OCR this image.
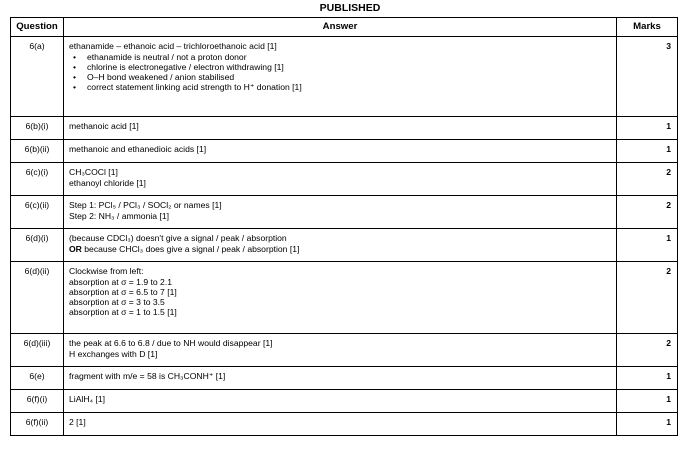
PUBLISHED
Question	Answer	Marks
6(a)	ethanamide – ethanoic acid – trichloroethanoic acid [1]
• ethanamide is neutral / not a proton donor
• chlorine is electronegative / electron withdrawing [1]
• O–H bond weakened / anion stabilised
• correct statement linking acid strength to H⁺ donation [1]	3
6(b)(i)	methanoic acid [1]	1
6(b)(ii)	methanoic and ethanedioic acids [1]	1
6(c)(i)	CH₃COCl [1]
ethanoyl chloride [1]	2
6(c)(ii)	Step 1: PCl₅ / PCl₃ / SOCl₂ or names [1]
Step 2: NH₃ / ammonia [1]	2
6(d)(i)	(because CDCl₃) doesn't give a signal / peak / absorption
OR because CHCl₃ does give a signal / peak / absorption [1]	1
6(d)(ii)	Clockwise from left:
absorption at σ = 1.9 to 2.1
absorption at σ = 6.5 to 7 [1]
absorption at σ = 3 to 3.5
absorption at σ = 1 to 1.5 [1]	2
6(d)(iii)	the peak at 6.6 to 6.8 / due to NH would disappear [1]
H exchanges with D [1]	2
6(e)	fragment with m/e = 58 is CH₃CONH⁺ [1]	1
6(f)(i)	LiAlH₄ [1]	1
6(f)(ii)	2 [1]	1
